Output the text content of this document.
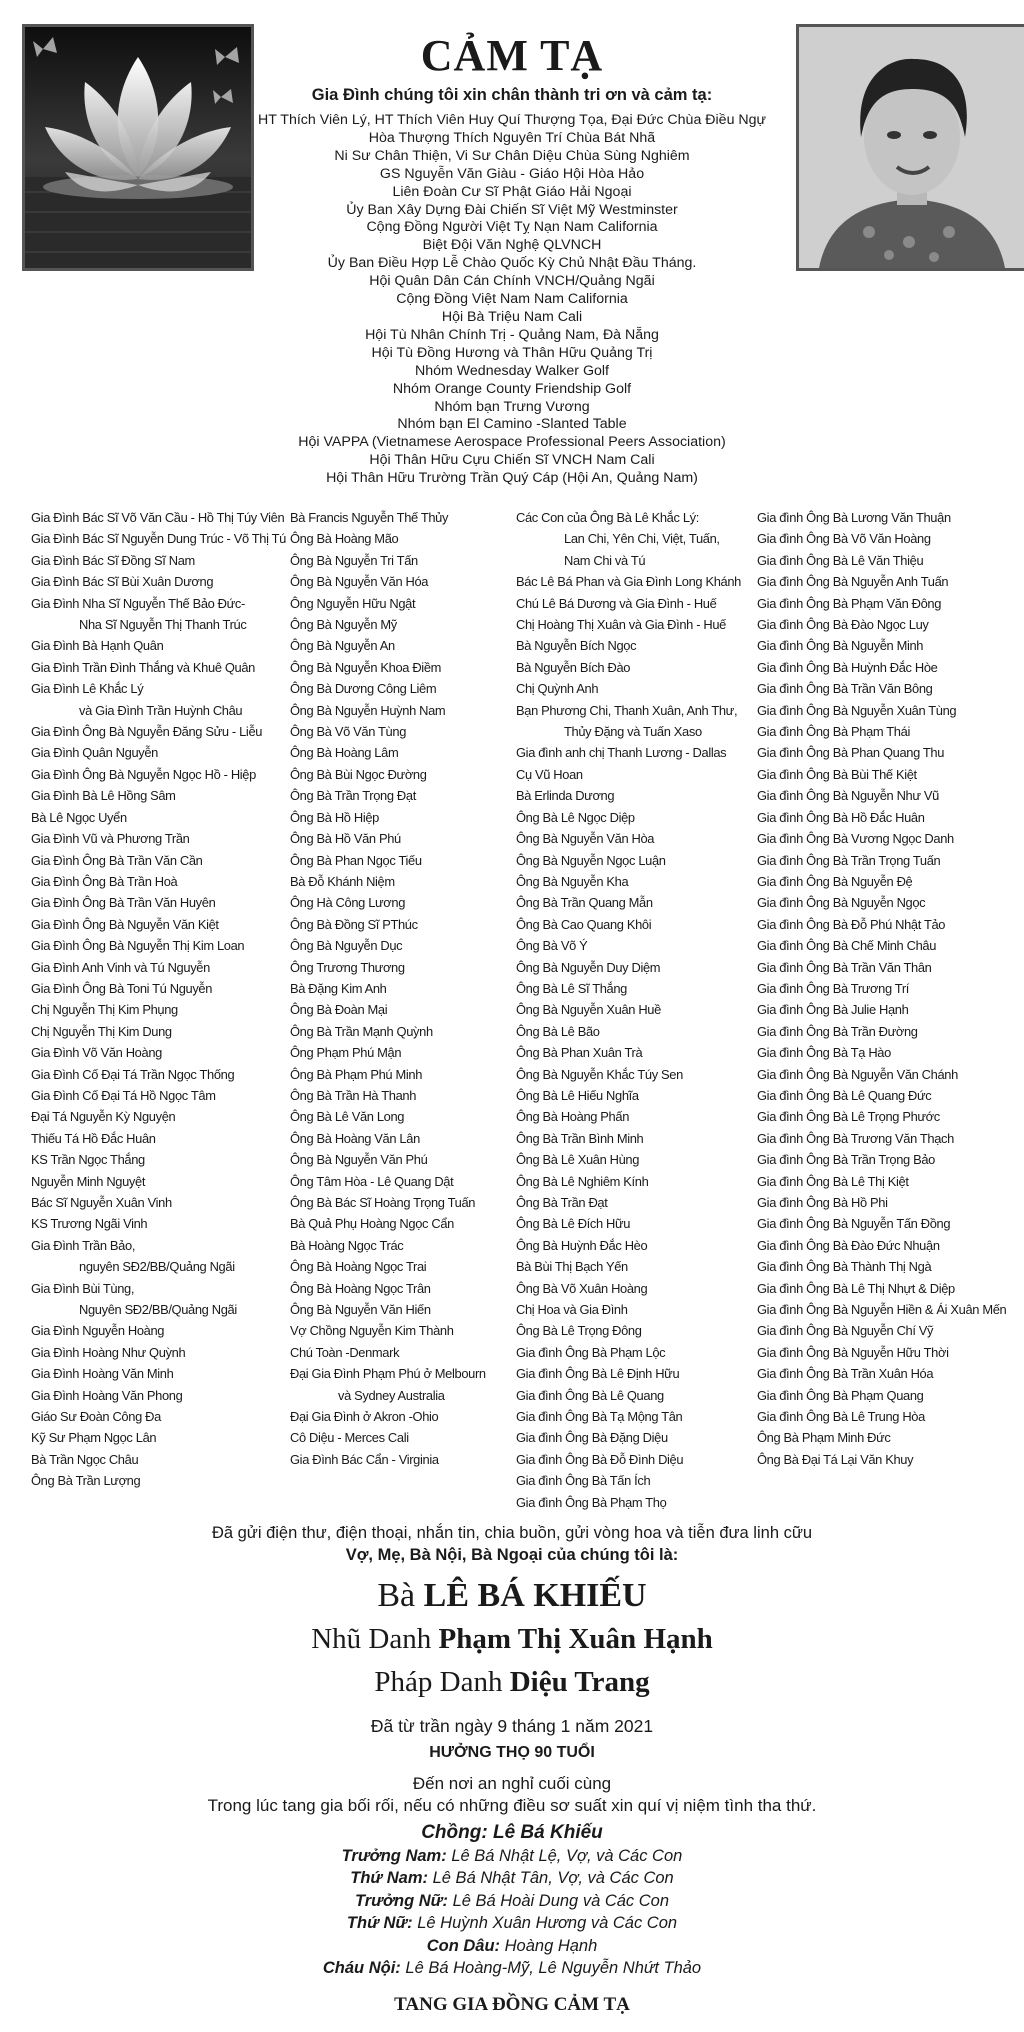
CẢM TẠ
Gia Đình chúng tôi xin chân thành tri ơn và cảm tạ:
HT Thích Viên Lý, HT Thích Viên Huy Quí Thượng Tọa, Đại Đức Chùa Điều Ngự
Hòa Thượng Thích Nguyên Trí Chùa Bát Nhã
Ni Sư Chân Thiện, Vi Sư Chân Diệu Chùa Sùng Nghiêm
GS Nguyễn Văn Giàu - Giáo Hội Hòa Hảo
Liên Đoàn Cư Sĩ Phật Giáo Hải Ngoại
Ủy Ban Xây Dựng Đài Chiến Sĩ Việt Mỹ Westminster
Cộng Đồng Người Việt Tỵ Nạn Nam California
Biệt Đội Văn Nghệ QLVNCH
Ủy Ban Điều Hợp Lễ Chào Quốc Kỳ Chủ Nhật Đầu Tháng.
Hội Quân Dân Cán Chính VNCH/Quảng Ngãi
Cộng Đồng Việt Nam Nam California
Hội Bà Triệu Nam Cali
Hội Tù Nhân Chính Trị - Quảng Nam, Đà Nẵng
Hội Tù Đồng Hương và Thân Hữu Quảng Trị
Nhóm Wednesday Walker Golf
Nhóm Orange County Friendship Golf
Nhóm bạn Trưng Vương
Nhóm bạn El Camino -Slanted Table
Hội VAPPA (Vietnamese Aerospace Professional Peers Association)
Hội Thân Hữu Cựu Chiến Sĩ VNCH Nam Cali
Hội Thân Hữu Trường Trần Quý Cáp (Hội An, Quảng Nam)
Gia Đình Bác Sĩ Võ Văn Cầu - Hồ Thị Túy Viên
Gia Đình Bác Sĩ Nguyễn Dung Trúc - Võ Thị Tú
Gia Đình Bác Sĩ Đồng Sĩ Nam
Gia Đình Bác Sĩ Bùi Xuân Dương
Gia Đình Nha Sĩ Nguyễn Thế Bảo Đức-
Nha Sĩ Nguyễn Thị Thanh Trúc
Gia Đình Bà Hạnh Quân
Gia Đình Trần Đình Thắng và Khuê Quân
Gia Đình Lê Khắc Lý
và Gia Đình Trần Huỳnh Châu
Gia Đình Ông Bà Nguyễn Đăng Sửu - Liễu
Gia Đình Quân Nguyễn
Gia Đình Ông Bà Nguyễn Ngọc Hồ - Hiệp
Gia Đình Bà Lê Hồng Sâm
Bà Lê Ngọc Uyển
Gia Đình Vũ và Phương Trần
Gia Đình Ông Bà Trần Văn Cần
Gia Đình Ông Bà Trần Hoà
Gia Đình Ông Bà Trần Văn Huyên
Gia Đình Ông Bà Nguyễn Văn Kiệt
Gia Đình Ông Bà Nguyễn Thị Kim Loan
Gia Đình Anh Vinh và Tú Nguyễn
Gia Đình Ông Bà Toni Tú Nguyễn
Chị Nguyễn Thị Kim Phụng
Chị Nguyễn Thị Kim Dung
Gia Đình Võ Văn Hoàng
Gia Đình Cố Đại Tá Trần Ngọc Thống
Gia Đình Cố Đại Tá Hồ Ngọc Tâm
Đại Tá Nguyễn Kỳ Nguyện
Thiếu Tá Hồ Đắc Huân
KS Trần Ngọc Thắng
Nguyễn Minh Nguyệt
Bác Sĩ Nguyễn Xuân Vinh
KS Trương Ngãi Vinh
Gia Đình Trần Bảo,
nguyên SĐ2/BB/Quảng Ngãi
Gia Đình Bùi Tùng,
Nguyên SĐ2/BB/Quảng Ngãi
Gia Đình Nguyễn Hoàng
Gia Đình Hoàng Như Quỳnh
Gia Đình Hoàng Văn Minh
Gia Đình Hoàng Văn Phong
Giáo Sư Đoàn Công Đa
Kỹ Sư Phạm Ngọc Lân
Bà Trần Ngọc Châu
Ông Bà Trần Lượng
Bà Francis Nguyễn Thế Thủy
Ông Bà Hoàng Mão
Ông Bà Nguyễn Tri Tấn
Ông Bà Nguyễn Văn Hóa
Ông Nguyễn Hữu Ngật
Ông Bà Nguyễn Mỹ
Ông Bà Nguyễn An
Ông Bà Nguyễn Khoa Điềm
Ông Bà Dương Công Liêm
Ông Bà Nguyễn Huỳnh Nam
Ông Bà Võ Văn Tùng
Ông Bà Hoàng Lâm
Ông Bà Bùi Ngọc Đường
Ông Bà Trần Trọng Đạt
Ông Bà Hồ Hiệp
Ông Bà Hồ Văn Phú
Ông Bà Phan Ngọc Tiếu
Bà Đỗ Khánh Niệm
Ông Hà Công Lương
Ông Bà Đồng Sĩ PThúc
Ông Bà Nguyễn Dục
Ông Trương Thương
Bà Đặng Kim Anh
Ông Bà Đoàn Mại
Ông Bà Trần Mạnh Quỳnh
Ông Phạm Phú Mận
Ông Bà Phạm Phú Minh
Ông Bà Trần Hà Thanh
Ông Bà Lê Văn Long
Ông Bà Hoàng Văn Lân
Ông Bà Nguyễn Văn Phú
Ông Tâm Hòa - Lê Quang Dật
Ông Bà Bác Sĩ Hoàng Trọng Tuấn
Bà Quả Phụ Hoàng Ngọc Cẩn
Bà Hoàng Ngọc Trác
Ông Bà Hoàng Ngọc Trai
Ông Bà Hoàng Ngọc Trân
Ông Bà Nguyễn Văn Hiến
Vợ Chồng Nguyễn Kim Thành
Chú Toàn -Denmark
Đại Gia Đình Phạm Phú ở Melbourn
và Sydney Australia
Đại Gia Đình ở Akron -Ohio
Cô Diệu - Merces Cali
Gia Đình Bác Cẩn - Virginia
Các Con của Ông Bà Lê Khắc Lý:
Lan Chi, Yên Chi, Việt, Tuấn,
Nam Chi và Tú
Bác Lê Bá Phan và Gia Đình Long Khánh
Chú Lê Bá Dương và Gia Đình - Huế
Chị Hoàng Thị Xuân và Gia Đình - Huế
Bà Nguyễn Bích Ngọc
Bà Nguyễn Bích Đào
Chị Quỳnh Anh
Bạn Phương Chi, Thanh Xuân, Anh Thư,
Thủy Đặng và Tuấn Xaso
Gia đình anh chị Thanh Lương - Dallas
Cụ Vũ Hoan
Bà Erlinda Dương
Ông Bà Lê Ngọc Diệp
Ông Bà Nguyễn Văn Hòa
Ông Bà Nguyễn Ngọc Luận
Ông Bà Nguyễn Kha
Ông Bà Trần Quang Mẫn
Ông Bà Cao Quang Khôi
Ông Bà Võ Ý
Ông Bà Nguyễn Duy Diệm
Ông Bà Lê Sĩ Thắng
Ông Bà Nguyễn Xuân Huề
Ông Bà Lê Bão
Ông Bà Phan Xuân Trà
Ông Bà Nguyễn Khắc Túy Sen
Ông Bà Lê Hiếu Nghĩa
Ông Bà Hoàng Phấn
Ông Bà Trần Bình Minh
Ông Bà Lê Xuân Hùng
Ông Bà Lê Nghiêm Kính
Ông Bà Trần Đạt
Ông Bà Lê Đích Hữu
Ông Bà Huỳnh Đắc Hèo
Bà Bùi Thị Bạch Yến
Ông Bà Võ Xuân Hoàng
Chị Hoa và Gia Đình
Ông Bà Lê Trọng Đông
Gia đình Ông Bà Phạm Lộc
Gia đình Ông Bà Lê Định Hữu
Gia đình Ông Bà Lê Quang
Gia đình Ông Bà Tạ Mộng Tân
Gia đình Ông Bà Đặng Diệu
Gia đình Ông Bà Đỗ Đình Diệu
Gia đình Ông Bà Tấn Ích
Gia đình Ông Bà Phạm Thọ
Gia đình Ông Bà Lương Văn Thuận
Gia đình Ông Bà Võ Văn Hoàng
Gia đình Ông Bà Lê Văn Thiệu
Gia đình Ông Bà Nguyễn Anh Tuấn
Gia đình Ông Bà Phạm Văn Đông
Gia đình Ông Bà Đào Ngọc Luy
Gia đình Ông Bà Nguyễn Minh
Gia đình Ông Bà Huỳnh Đắc Hòe
Gia đình Ông Bà Trần Văn Bông
Gia đình Ông Bà Nguyễn Xuân Tùng
Gia đình Ông Bà Phạm Thái
Gia đình Ông Bà Phan Quang Thu
Gia đình Ông Bà Bùi Thế Kiệt
Gia đình Ông Bà Nguyễn Như Vũ
Gia đình Ông Bà Hồ Đắc Huân
Gia đình Ông Bà Vương Ngọc Danh
Gia đình Ông Bà Trần Trọng Tuấn
Gia đình Ông Bà Nguyễn Đệ
Gia đình Ông Bà Nguyễn Ngọc
Gia đình Ông Bà Đỗ Phú Nhật Tảo
Gia đình Ông Bà Chế Minh Châu
Gia đình Ông Bà Trần Văn Thân
Gia đình Ông Bà Trương Trí
Gia đình Ông Bà Julie Hạnh
Gia đình Ông Bà Trần Đường
Gia đình Ông Bà Tạ Hào
Gia đình Ông Bà Nguyễn Văn Chánh
Gia đình Ông Bà Lê Quang Đức
Gia đình Ông Bà Lê Trọng Phước
Gia đình Ông Bà Trương Văn Thạch
Gia đình Ông Bà Trần Trọng Bảo
Gia đình Ông Bà Lê Thị Kiệt
Gia đình Ông Bà Hồ Phi
Gia đình Ông Bà Nguyễn Tấn Đồng
Gia đình Ông Bà Đào Đức Nhuận
Gia đình Ông Bà Thành Thị Ngà
Gia đình Ông Bà Lê Thị Nhựt & Diệp
Gia đình Ông Bà Nguyễn Hiền & Ái Xuân Mến
Gia đình Ông Bà Nguyễn Chí Vỹ
Gia đình Ông Bà Nguyễn Hữu Thời
Gia đình Ông Bà Trần Xuân Hóa
Gia đình Ông Bà Phạm Quang
Gia đình Ông Bà Lê Trung Hòa
Ông Bà Phạm Minh Đức
Ông Bà Đại Tá Lại Văn Khuy
Đã gửi điện thư, điện thoại, nhắn tin, chia buồn, gửi vòng hoa và tiễn đưa linh cữu
Vợ, Mẹ, Bà Nội, Bà Ngoại của chúng tôi là:
Bà LÊ BÁ KHIẾU
Nhũ Danh Phạm Thị Xuân Hạnh
Pháp Danh Diệu Trang
Đã từ trần ngày 9 tháng 1 năm 2021
HƯỞNG THỌ 90 TUỔI
Đến nơi an nghỉ cuối cùng
Trong lúc tang gia bối rối, nếu có những điều sơ suất xin quí vị niệm tình tha thứ.
Chồng: Lê Bá Khiếu
Trưởng Nam: Lê Bá Nhật Lệ, Vợ, và Các Con
Thứ Nam: Lê Bá Nhật Tân, Vợ, và Các Con
Trưởng Nữ: Lê Bá Hoài Dung và Các Con
Thứ Nữ: Lê Huỳnh Xuân Hương và Các Con
Con Dâu: Hoàng Hạnh
Cháu Nội: Lê Bá Hoàng-Mỹ, Lê Nguyễn Nhứt Thảo
TANG GIA ĐỒNG CẢM TẠ
